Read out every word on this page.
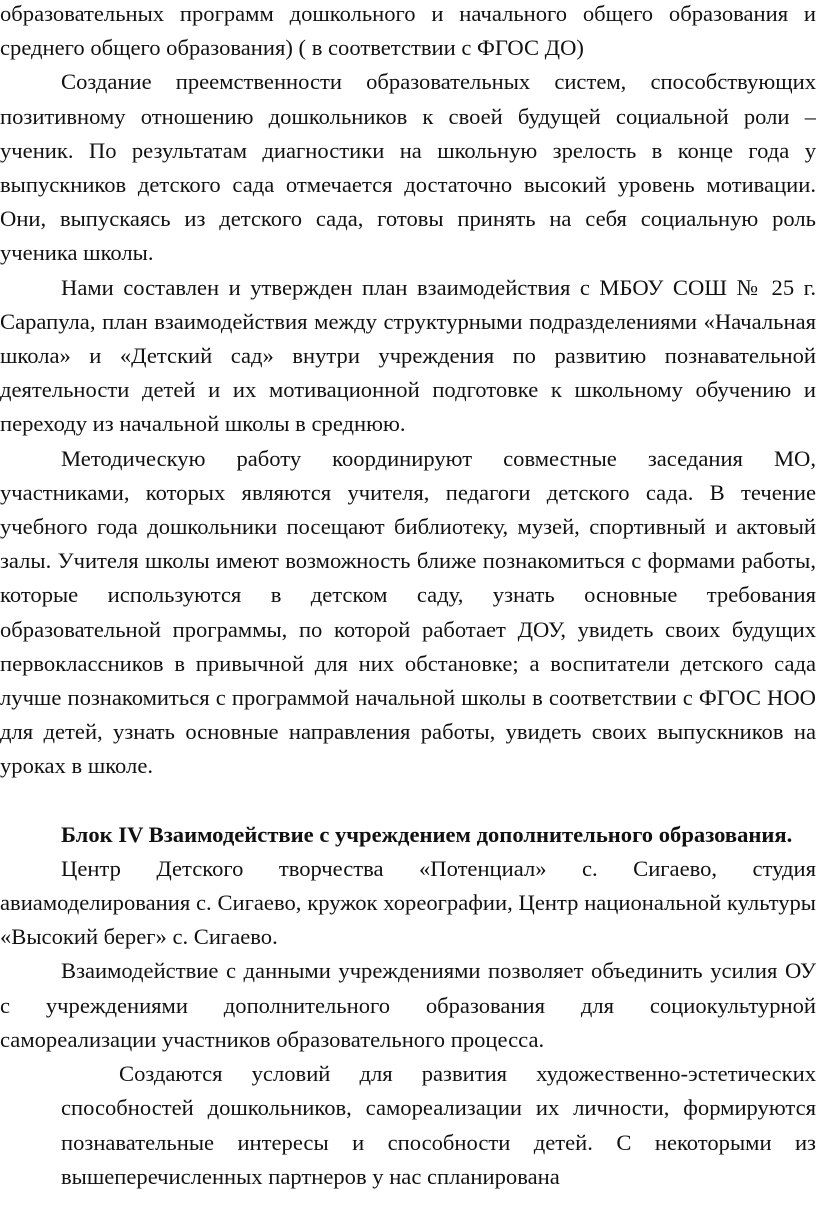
образовательных программ дошкольного и начального общего образования и среднего общего образования) ( в соответствии с ФГОС ДО)

Создание преемственности образовательных систем, способствующих позитивному отношению дошкольников к своей будущей социальной роли – ученик. По результатам диагностики на школьную зрелость в конце года у выпускников детского сада отмечается достаточно высокий уровень мотивации. Они, выпускаясь из детского сада, готовы принять на себя социальную роль ученика школы.

Нами составлен и утвержден план взаимодействия с МБОУ СОШ № 25 г. Сарапула, план взаимодействия между структурными подразделениями «Начальная школа» и «Детский сад» внутри учреждения по развитию познавательной деятельности детей и их мотивационной подготовке к школьному обучению и переходу из начальной школы в среднюю.

Методическую работу координируют совместные заседания МО, участниками, которых являются учителя, педагоги детского сада. В течение учебного года дошкольники посещают библиотеку, музей, спортивный и актовый залы. Учителя школы имеют возможность ближе познакомиться с формами работы, которые используются в детском саду, узнать основные требования образовательной программы, по которой работает ДОУ, увидеть своих будущих первоклассников в привычной для них обстановке; а воспитатели детского сада лучше познакомиться с программой начальной школы в соответствии с ФГОС НОО для детей, узнать основные направления работы, увидеть своих выпускников на уроках в школе.

Блок IV Взаимодействие с учреждением дополнительного образования.

Центр Детского творчества «Потенциал» с. Сигаево, студия авиамоделирования с. Сигаево, кружок хореографии, Центр национальной культуры «Высокий берег» с. Сигаево.

Взаимодействие с данными учреждениями позволяет объединить усилия ОУ с учреждениями дополнительного образования для социокультурной самореализации участников образовательного процесса.

Создаются условий для развития художественно-эстетических способностей дошкольников, самореализации их личности, формируются познавательные интересы и способности детей. С некоторыми из вышеперечисленных партнеров у нас спланирована
